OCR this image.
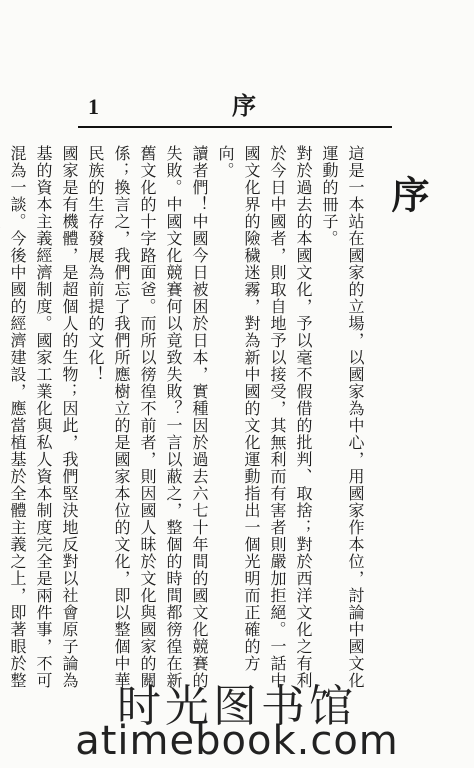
1	序
序
這是一本站在國家的立場，以國家為中心，用國家作本位，討論中國文化運動的冊子。
對於過去的本國文化，予以毫不假借的批判、取捨；對於西洋文化之有利於今日中國者，則取自地予以接受，其無利而有害者則嚴加拒絕。一話中國文化界的險穢迷霧，對為新中國的文化運動指出一個光明而正確的方向。
讀者們！中國今日被困於日本，實種因於過去六七十年間的國文化競賽的失敗。中國文化競賽何以竟致失敗？一言以蔽之，整個的時間都徬徨在新舊文化的十字路面爸。而所以徬徨不前者，則因國人昧於文化與國家的關係；換言之，我們忘了我們所應樹立的是國家本位的文化，即以整個中華民族的生存發展為前提的文化！
國家是有機體，是超個人的生物；因此，我們堅決地反對以社會原子論為基的資本主義經濟制度。國家工業化與私人資本制度完全是兩件事，不可混為一談。今後中國的經濟建設，應當植基於全體主義之上，即著眼於整
时光图书馆
atimebook.com
